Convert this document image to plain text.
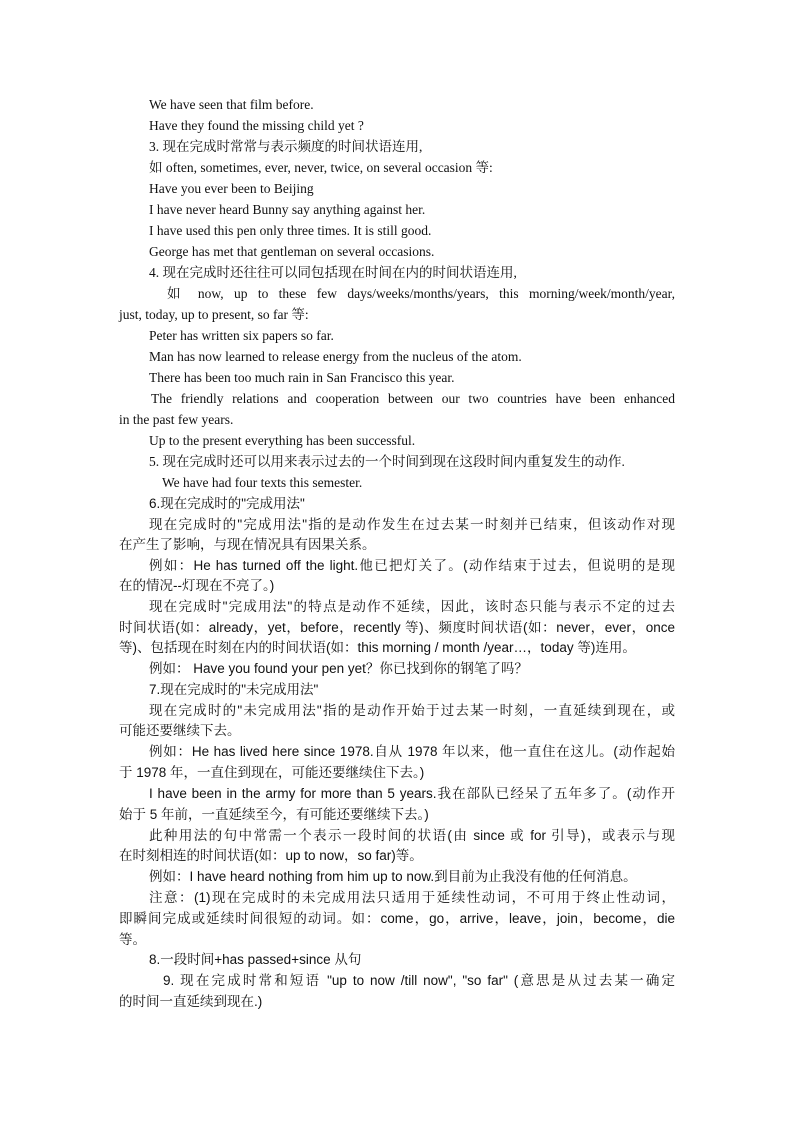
We have seen that film before.
Have they found the missing child yet ?
3. 现在完成时常常与表示频度的时间状语连用,
如 often, sometimes, ever, never, twice, on several occasion 等:
Have you ever been to Beijing
I have never heard Bunny say anything against her.
I have used this pen only three times. It is still good.
George has met that gentleman on several occasions.
4. 现在完成时还往往可以同包括现在时间在内的时间状语连用,
如 now, up to these few days/weeks/months/years, this morning/week/month/year,
just, today, up to present, so far 等:
Peter has written six papers so far.
Man has now learned to release energy from the nucleus of the atom.
There has been too much rain in San Francisco this year.
The friendly relations and cooperation between our two countries have been enhanced
in the past few years.
Up to the present everything has been successful.
5. 现在完成时还可以用来表示过去的一个时间到现在这段时间内重复发生的动作.
We have had four texts this semester.
6.现在完成时的"完成用法"
现在完成时的"完成用法"指的是动作发生在过去某一时刻并已结束，但该动作对现
在产生了影响，与现在情况具有因果关系。
例如：He has turned off the light.他已把灯关了。(动作结束于过去，但说明的是现
在的情况--灯现在不亮了。)
现在完成时"完成用法"的特点是动作不延续，因此，该时态只能与表示不定的过去
时间状语(如：already，yet，before，recently 等)、频度时间状语(如：never，ever，once
等)、包括现在时刻在内的时间状语(如：this morning / month /year…，today 等)连用。
例如： Have you found your pen yet？你已找到你的钢笔了吗？
7.现在完成时的"未完成用法"
现在完成时的"未完成用法"指的是动作开始于过去某一时刻，一直延续到现在，或
可能还要继续下去。
例如：He has lived here since 1978.自从 1978 年以来，他一直住在这儿。(动作起始
于 1978 年，一直住到现在，可能还要继续住下去。)
I have been in the army for more than 5 years.我在部队已经呆了五年多了。(动作开
始于 5 年前，一直延续至今，有可能还要继续下去。)
此种用法的句中常需一个表示一段时间的状语(由 since 或 for 引导)，或表示与现
在时刻相连的时间状语(如：up to now，so far)等。
例如：I have heard nothing from him up to now.到目前为止我没有他的任何消息。
注意：(1)现在完成时的未完成用法只适用于延续性动词，不可用于终止性动词，
即瞬间完成或延续时间很短的动词。如：come，go，arrive，leave，join，become，die
等。
8.一段时间+has passed+since 从句
9. 现在完成时常和短语 "up to now /till now", "so far" (意思是从过去某一确定
的时间一直延续到现在.)
